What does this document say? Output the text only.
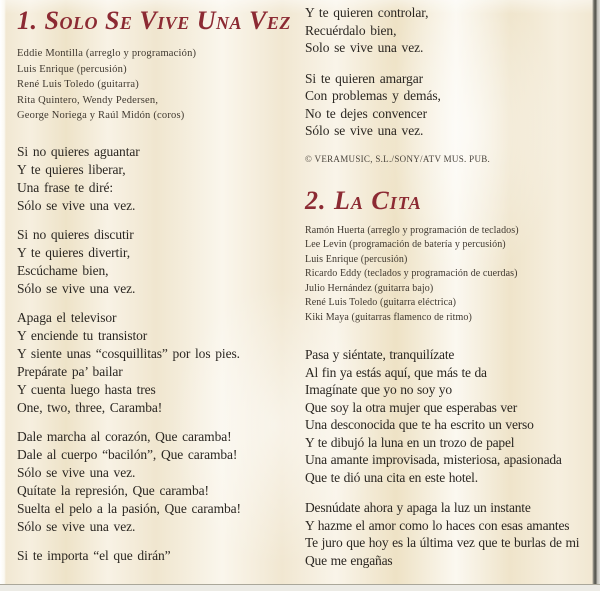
1. Solo Se Vive Una Vez
Eddie Montilla (arreglo y programación)
Luis Enrique (percusión)
René Luis Toledo (guitarra)
Rita Quintero, Wendy Pedersen,
George Noriega y Raúl Midón (coros)
Si no quieres aguantar
Y te quieres liberar,
Una frase te diré:
Sólo se vive una vez.
Si no quieres discutir
Y te quieres divertir,
Escúchame bien,
Sólo se vive una vez.
Apaga el televisor
Y enciende tu transistor
Y siente unas “cosquillitas” por los pies.
Prepárate pa’ bailar
Y cuenta luego hasta tres
One, two, three, Caramba!
Dale marcha al corazón, Que caramba!
Dale al cuerpo “bacilón”, Que caramba!
Sólo se vive una vez.
Quítate la represión, Que caramba!
Suelta el pelo a la pasión, Que caramba!
Sólo se vive una vez.
Si te importa “el que dirán”
Y te quieren controlar,
Recuérdalo bien,
Solo se vive una vez.
Si te quieren amargar
Con problemas y demás,
No te dejes convencer
Sólo se vive una vez.
© VERAMUSIC, S.L./SONY/ATV MUS. PUB.
2. La Cita
Ramón Huerta (arreglo y programación de teclados)
Lee Levin (programación de batería y percusión)
Luis Enrique (percusión)
Ricardo Eddy (teclados y programación de cuerdas)
Julio Hernández (guitarra bajo)
René Luis Toledo (guitarra eléctrica)
Kiki Maya (guitarras flamenco de ritmo)
Pasa y siéntate, tranquilízate
Al fin ya estás aquí, que más te da
Imagínate que yo no soy yo
Que soy la otra mujer que esperabas ver
Una desconocida que te ha escrito un verso
Y te dibujó la luna en un trozo de papel
Una amante improvisada, misteriosa, apasionada
Que te dió una cita en este hotel.
Desnúdate ahora y apaga la luz un instante
Y hazme el amor como lo haces con esas amantes
Te juro que hoy es la última vez que te burlas de mi
Que me engañas
